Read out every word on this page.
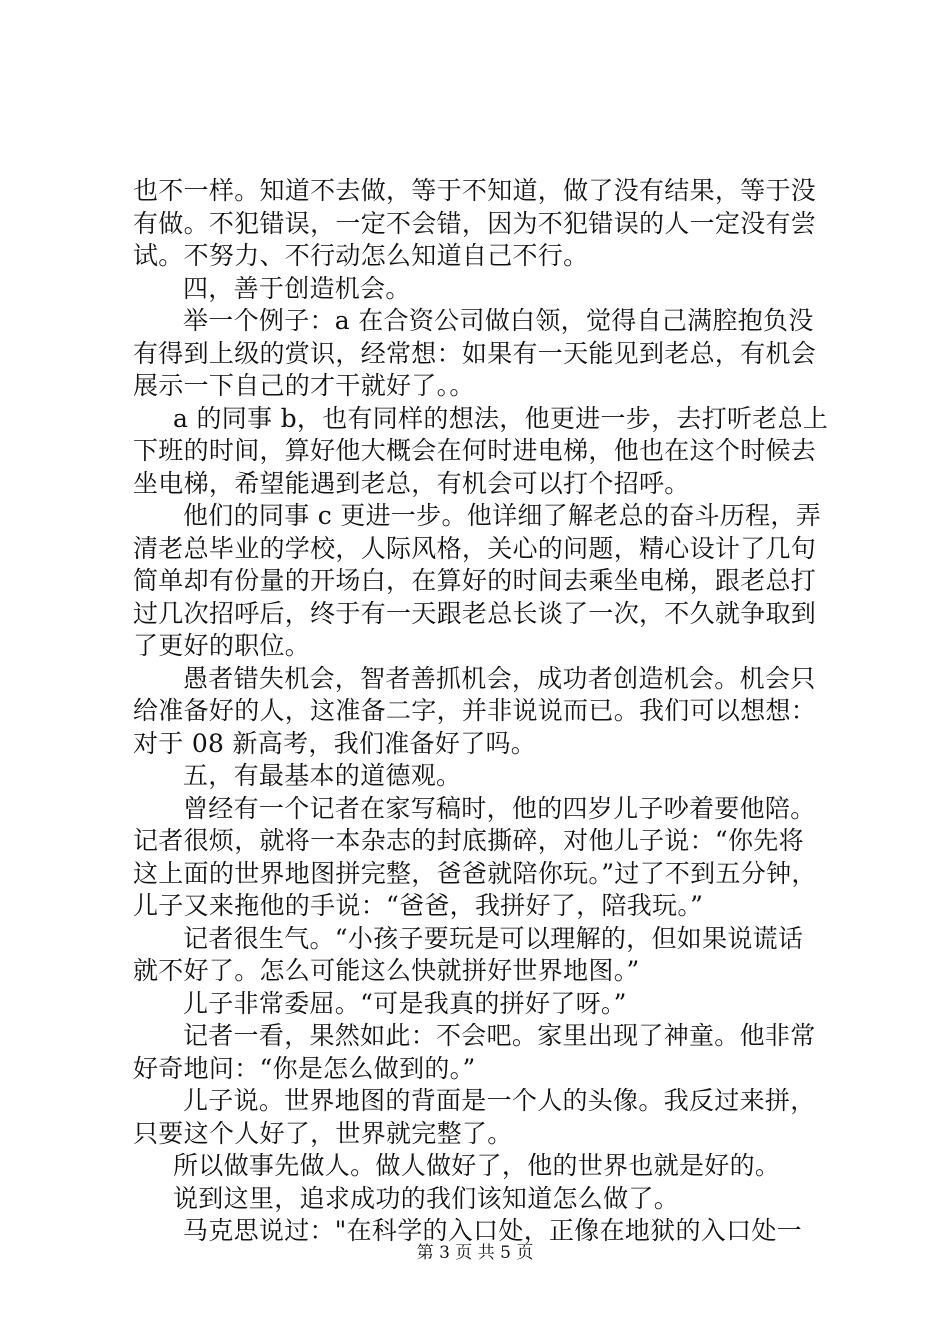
也不一样。知道不去做，等于不知道，做了没有结果，等于没
有做。不犯错误，一定不会错，因为不犯错误的人一定没有尝
试。不努力、不行动怎么知道自己不行。
四，善于创造机会。
举一个例子：a 在合资公司做白领，觉得自己满腔抱负没
有得到上级的赏识，经常想：如果有一天能见到老总，有机会
展示一下自己的才干就好了。。
a 的同事 b，也有同样的想法，他更进一步，去打听老总上
下班的时间，算好他大概会在何时进电梯，他也在这个时候去
坐电梯，希望能遇到老总，有机会可以打个招呼。
他们的同事 c 更进一步。他详细了解老总的奋斗历程，弄
清老总毕业的学校，人际风格，关心的问题，精心设计了几句
简单却有份量的开场白，在算好的时间去乘坐电梯，跟老总打
过几次招呼后，终于有一天跟老总长谈了一次，不久就争取到
了更好的职位。
愚者错失机会，智者善抓机会，成功者创造机会。机会只
给准备好的人，这准备二字，并非说说而已。我们可以想想：
对于 08 新高考，我们准备好了吗。
五，有最基本的道德观。
曾经有一个记者在家写稿时，他的四岁儿子吵着要他陪。
记者很烦，就将一本杂志的封底撕碎，对他儿子说：“你先将
这上面的世界地图拼完整，爸爸就陪你玩。”过了不到五分钟，
儿子又来拖他的手说：“爸爸，我拼好了，陪我玩。”
记者很生气。“小孩子要玩是可以理解的，但如果说谎话
就不好了。怎么可能这么快就拼好世界地图。”
儿子非常委屈。“可是我真的拼好了呀。”
记者一看，果然如此：不会吧。家里出现了神童。他非常
好奇地问：“你是怎么做到的。”
儿子说。世界地图的背面是一个人的头像。我反过来拼，
只要这个人好了，世界就完整了。
所以做事先做人。做人做好了，他的世界也就是好的。
说到这里，追求成功的我们该知道怎么做了。
马克思说过："在科学的入口处，正像在地狱的入口处一
第 3 页 共 5 页
